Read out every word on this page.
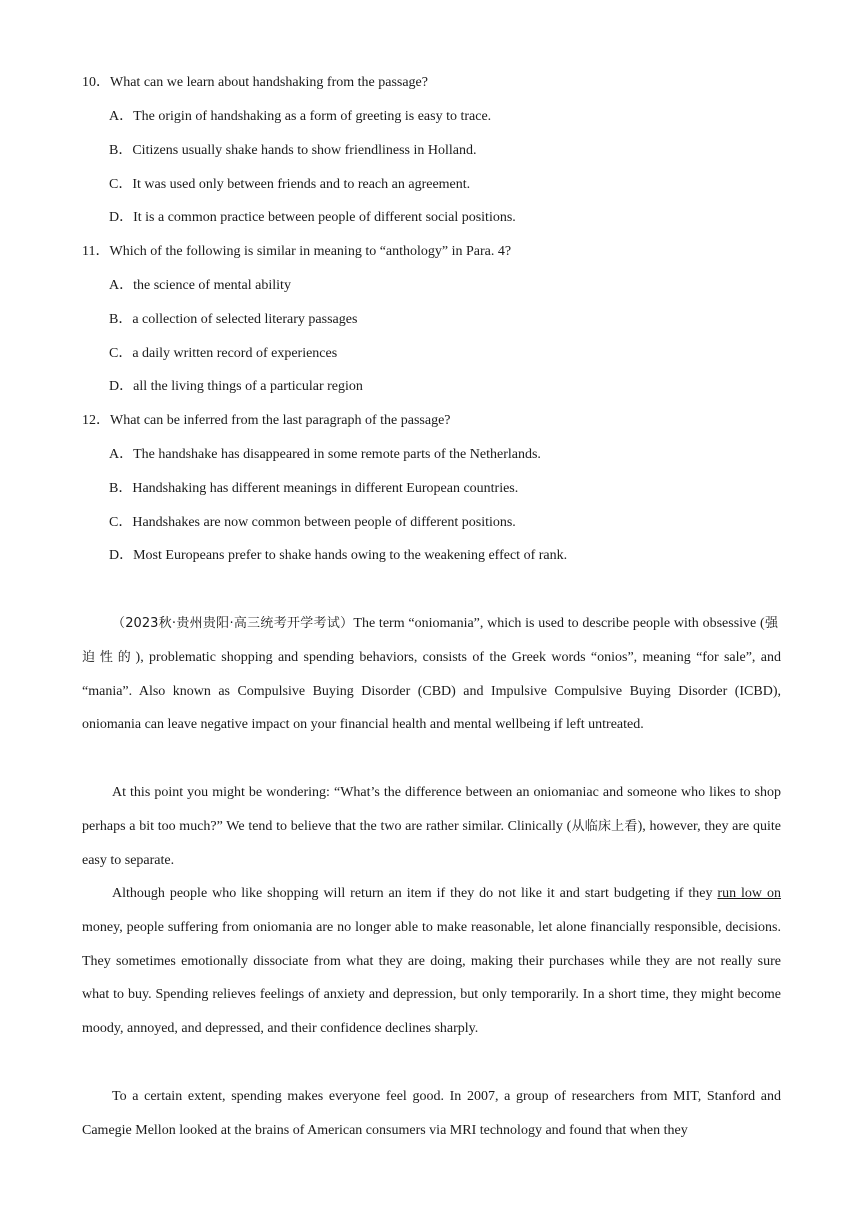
10．What can we learn about handshaking from the passage?
A．The origin of handshaking as a form of greeting is easy to trace.
B．Citizens usually shake hands to show friendliness in Holland.
C．It was used only between friends and to reach an agreement.
D．It is a common practice between people of different social positions.
11．Which of the following is similar in meaning to “anthology” in Para. 4?
A．the science of mental ability
B．a collection of selected literary passages
C．a daily written record of experiences
D．all the living things of a particular region
12．What can be inferred from the last paragraph of the passage?
A．The handshake has disappeared in some remote parts of the Netherlands.
B．Handshaking has different meanings in different European countries.
C．Handshakes are now common between people of different positions.
D．Most Europeans prefer to shake hands owing to the weakening effect of rank.

（2023秋·贵州贵阳·高三统考开学考试）The term “oniomania”, which is used to describe people with obsessive (强迫性的), problematic shopping and spending behaviors, consists of the Greek words “onios”, meaning “for sale”, and “mania”. Also known as Compulsive Buying Disorder (CBD) and Impulsive Compulsive Buying Disorder (ICBD), oniomania can leave negative impact on your financial health and mental wellbeing if left untreated.

At this point you might be wondering: “What’s the difference between an oniomaniac and someone who likes to shop perhaps a bit too much?” We tend to believe that the two are rather similar. Clinically (从临床上看), however, they are quite easy to separate.

Although people who like shopping will return an item if they do not like it and start budgeting if they run low on money, people suffering from oniomania are no longer able to make reasonable, let alone financially responsible, decisions. They sometimes emotionally dissociate from what they are doing, making their purchases while they are not really sure what to buy. Spending relieves feelings of anxiety and depression, but only temporarily. In a short time, they might become moody, annoyed, and depressed, and their confidence declines sharply.

To a certain extent, spending makes everyone feel good. In 2007, a group of researchers from MIT, Stanford and Camegie Mellon looked at the brains of American consumers via MRI technology and found that when they
